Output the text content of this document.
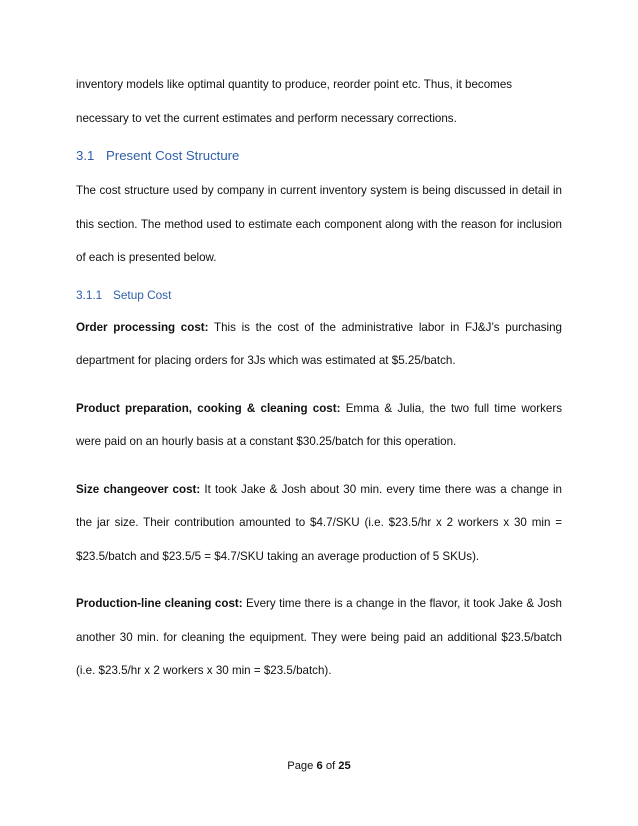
inventory models like optimal quantity to produce, reorder point etc. Thus, it becomes

necessary to vet the current estimates and perform necessary corrections.

3.1 Present Cost Structure

The cost structure used by company in current inventory system is being discussed in detail in this section. The method used to estimate each component along with the reason for inclusion of each is presented below.

3.1.1 Setup Cost

Order processing cost: This is the cost of the administrative labor in FJ&J’s purchasing department for placing orders for 3Js which was estimated at $5.25/batch.

Product preparation, cooking & cleaning cost: Emma & Julia, the two full time workers were paid on an hourly basis at a constant $30.25/batch for this operation.

Size changeover cost: It took Jake & Josh about 30 min. every time there was a change in the jar size. Their contribution amounted to $4.7/SKU (i.e. $23.5/hr x 2 workers x 30 min = $23.5/batch and $23.5/5 = $4.7/SKU taking an average production of 5 SKUs).

Production-line cleaning cost: Every time there is a change in the flavor, it took Jake & Josh another 30 min. for cleaning the equipment. They were being paid an additional $23.5/batch (i.e. $23.5/hr x 2 workers x 30 min = $23.5/batch).

Page 6 of 25
